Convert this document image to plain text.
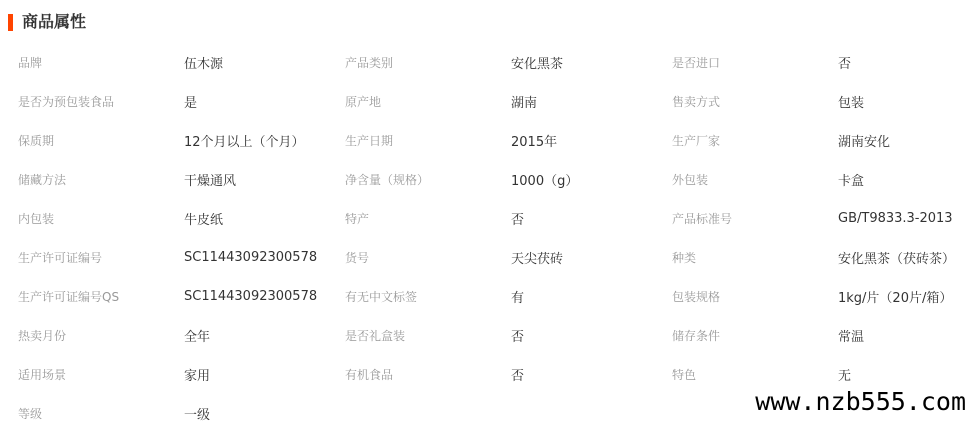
商品属性
品牌	伍木源	产品类别	安化黑茶	是否进口	否
是否为预包装食品	是	原产地	湖南	售卖方式	包装
保质期	12个月以上（个月）	生产日期	2015年	生产厂家	湖南安化
储藏方法	干燥通风	净含量（规格）	1000（g）	外包装	卡盒
内包装	牛皮纸	特产	否	产品标准号	GB/T9833.3-2013
生产许可证编号	SC11443092300578 货号	天尖茯砖	种类	安化黑茶（茯砖茶）
生产许可证编号QS	SC11443092300578 有无中文标签	有	包装规格	1kg/片（20片/箱）
热卖月份	全年	是否礼盒装	否	储存条件	常温
适用场景	家用	有机食品	否	特色	无
等级	一级	www.nzb555.com
